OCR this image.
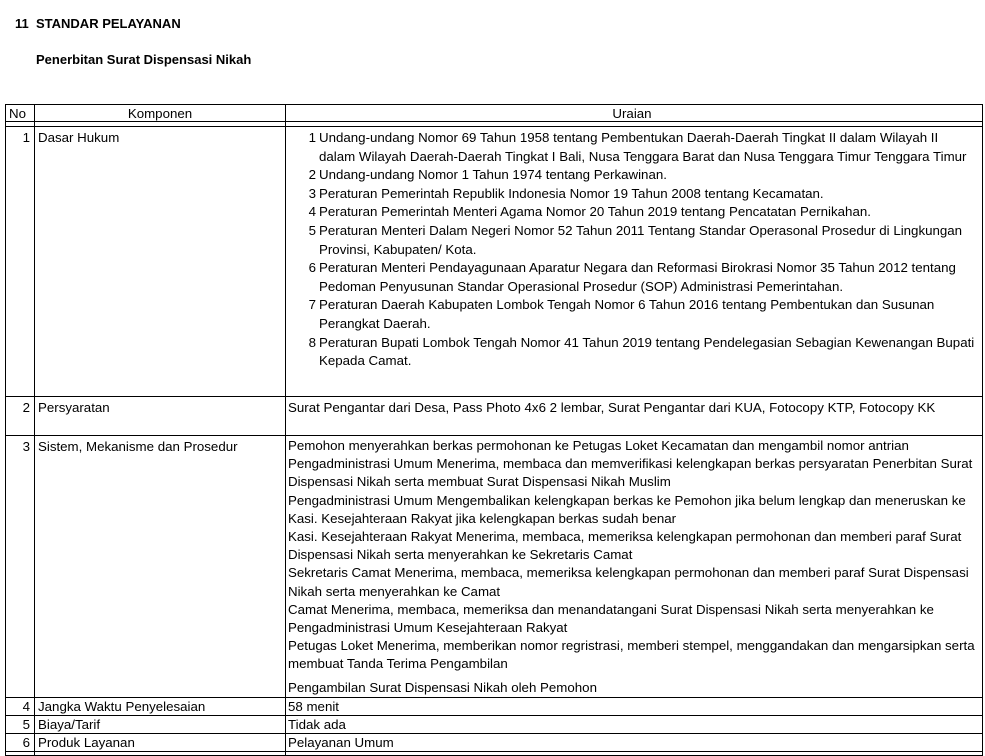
11 STANDAR PELAYANAN
Penerbitan Surat Dispensasi Nikah
No	Komponen	Uraian
1 Dasar Hukum	1 Undang-undang Nomor 69 Tahun 1958 tentang Pembentukan Daerah-Daerah Tingkat II dalam Wilayah II dalam Wilayah Daerah-Daerah Tingkat I Bali, Nusa Tenggara Barat dan Nusa Tenggara Timur Tenggara Timur
2 Undang-undang Nomor 1 Tahun 1974 tentang Perkawinan.
3 Peraturan Pemerintah Republik Indonesia Nomor 19 Tahun 2008 tentang Kecamatan.
4 Peraturan Pemerintah Menteri Agama Nomor 20 Tahun 2019 tentang Pencatatan Pernikahan.
5 Peraturan Menteri Dalam Negeri Nomor 52 Tahun 2011 Tentang Standar Operasonal Prosedur di Lingkungan Provinsi, Kabupaten/ Kota.
6 Peraturan Menteri Pendayagunaan Aparatur Negara dan Reformasi Birokrasi Nomor 35 Tahun 2012 tentang Pedoman Penyusunan Standar Operasional Prosedur (SOP) Administrasi Pemerintahan.
7 Peraturan Daerah Kabupaten Lombok Tengah Nomor 6 Tahun 2016 tentang Pembentukan dan Susunan Perangkat Daerah.
8 Peraturan Bupati Lombok Tengah Nomor 41 Tahun 2019 tentang Pendelegasian Sebagian Kewenangan Bupati Kepada Camat.
2 Persyaratan	Surat Pengantar dari Desa, Pass Photo 4x6 2 lembar, Surat Pengantar dari KUA, Fotocopy KTP, Fotocopy KK
3 Sistem, Mekanisme dan Prosedur	Pemohon menyerahkan berkas permohonan ke Petugas Loket Kecamatan dan mengambil nomor antrian
Pengadministrasi Umum Menerima, membaca dan memverifikasi kelengkapan berkas persyaratan Penerbitan Surat Dispensasi Nikah serta membuat Surat Dispensasi Nikah Muslim
Pengadministrasi Umum Mengembalikan kelengkapan berkas ke Pemohon jika belum lengkap dan meneruskan ke Kasi. Kesejahteraan Rakyat jika kelengkapan berkas sudah benar
Kasi. Kesejahteraan Rakyat Menerima, membaca, memeriksa kelengkapan permohonan dan memberi paraf Surat Dispensasi Nikah serta menyerahkan ke Sekretaris Camat
Sekretaris Camat Menerima, membaca, memeriksa kelengkapan permohonan dan memberi paraf Surat Dispensasi Nikah serta menyerahkan ke Camat
Camat Menerima, membaca, memeriksa dan menandatangani Surat Dispensasi Nikah serta menyerahkan ke Pengadministrasi Umum Kesejahteraan Rakyat
Petugas Loket Menerima, memberikan nomor regristrasi, memberi stempel, menggandakan dan mengarsipkan serta membuat Tanda Terima Pengambilan
Pengambilan Surat Dispensasi Nikah oleh Pemohon
4 Jangka Waktu Penyelesaian	58 menit
5 Biaya/Tarif	Tidak ada
6 Produk Layanan	Pelayanan Umum
